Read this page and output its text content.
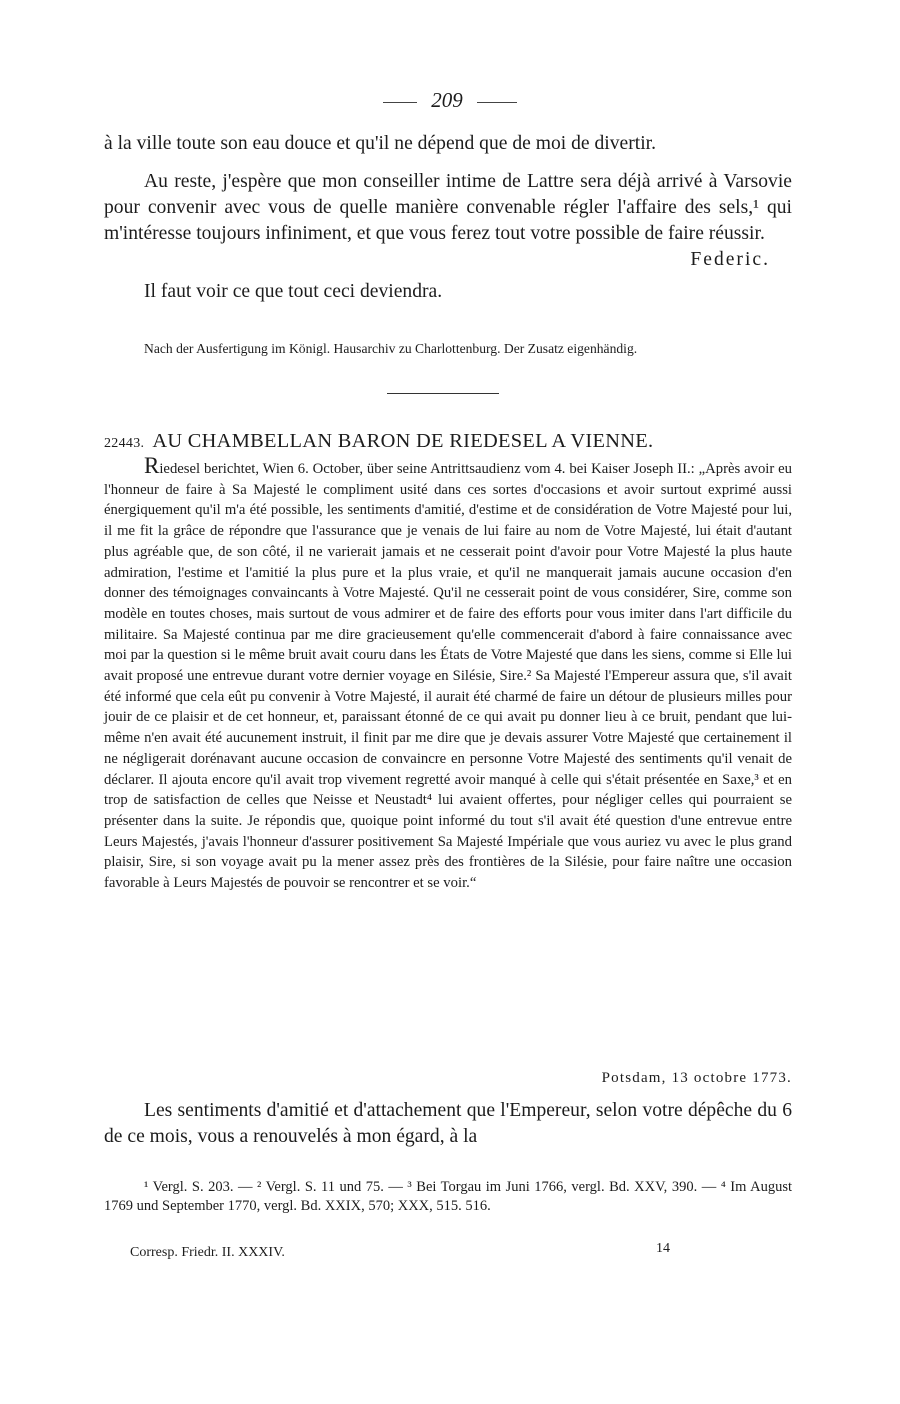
209

à la ville toute son eau douce et qu'il ne dépend que de moi de divertir.

Au reste, j'espère que mon conseiller intime de Lattre sera déjà arrivé à Varsovie pour convenir avec vous de quelle manière convenable régler l'affaire des sels,¹ qui m'intéresse toujours infiniment, et que vous ferez tout votre possible de faire réussir.

Federic.

Il faut voir ce que tout ceci deviendra.

Nach der Ausfertigung im Königl. Hausarchiv zu Charlottenburg. Der Zusatz eigenhändig.
22443. AU CHAMBELLAN BARON DE RIEDESEL A VIENNE.

Riedesel berichtet, Wien 6. October, über seine Antrittsaudienz vom 4. bei Kaiser Joseph II.: „Après avoir eu l'honneur de faire à Sa Majesté le compliment usité dans ces sortes d'occasions et avoir surtout exprimé aussi énergiquement qu'il m'a été possible, les sentiments d'amitié, d'estime et de considération de Votre Majesté pour lui, il me fit la grâce de répondre que l'assurance que je venais de lui faire au nom de Votre Majesté, lui était d'autant plus agréable que, de son côté, il ne varierait jamais et ne cesserait point d'avoir pour Votre Majesté la plus haute admiration, l'estime et l'amitié la plus pure et la plus vraie, et qu'il ne manquerait jamais aucune occasion d'en donner des témoignages convaincants à Votre Majesté. Qu'il ne cesserait point de vous considérer, Sire, comme son modèle en toutes choses, mais surtout de vous admirer et de faire des efforts pour vous imiter dans l'art difficile du militaire. Sa Majesté continua par me dire gracieusement qu'elle commencerait d'abord à faire connaissance avec moi par la question si le même bruit avait couru dans les États de Votre Majesté que dans les siens, comme si Elle lui avait proposé une entrevue durant votre dernier voyage en Silésie, Sire.² Sa Majesté l'Empereur assura que, s'il avait été informé que cela eût pu convenir à Votre Majesté, il aurait été charmé de faire un détour de plusieurs milles pour jouir de ce plaisir et de cet honneur, et, paraissant étonné de ce qui avait pu donner lieu à ce bruit, pendant que lui-même n'en avait été aucunement instruit, il finit par me dire que je devais assurer Votre Majesté que certainement il ne négligerait dorénavant aucune occasion de convaincre en personne Votre Majesté des sentiments qu'il venait de déclarer. Il ajouta encore qu'il avait trop vivement regretté avoir manqué à celle qui s'était présentée en Saxe,³ et en trop de satisfaction de celles que Neisse et Neustadt⁴ lui avaient offertes, pour négliger celles qui pourraient se présenter dans la suite. Je répondis que, quoique point informé du tout s'il avait été question d'une entrevue entre Leurs Majestés, j'avais l'honneur d'assurer positivement Sa Majesté Impériale que vous auriez vu avec le plus grand plaisir, Sire, si son voyage avait pu la mener assez près des frontières de la Silésie, pour faire naître une occasion favorable à Leurs Majestés de pouvoir se rencontrer et se voir.“

Potsdam, 13 octobre 1773.
Les sentiments d'amitié et d'attachement que l'Empereur, selon votre dépêche du 6 de ce mois, vous a renouvelés à mon égard, à la
¹ Vergl. S. 203. — ² Vergl. S. 11 und 75. — ³ Bei Torgau im Juni 1766, vergl. Bd. XXV, 390. — ⁴ Im August 1769 und September 1770, vergl. Bd. XXIX, 570; XXX, 515. 516.
Corresp. Friedr. II. XXXIV.	14
